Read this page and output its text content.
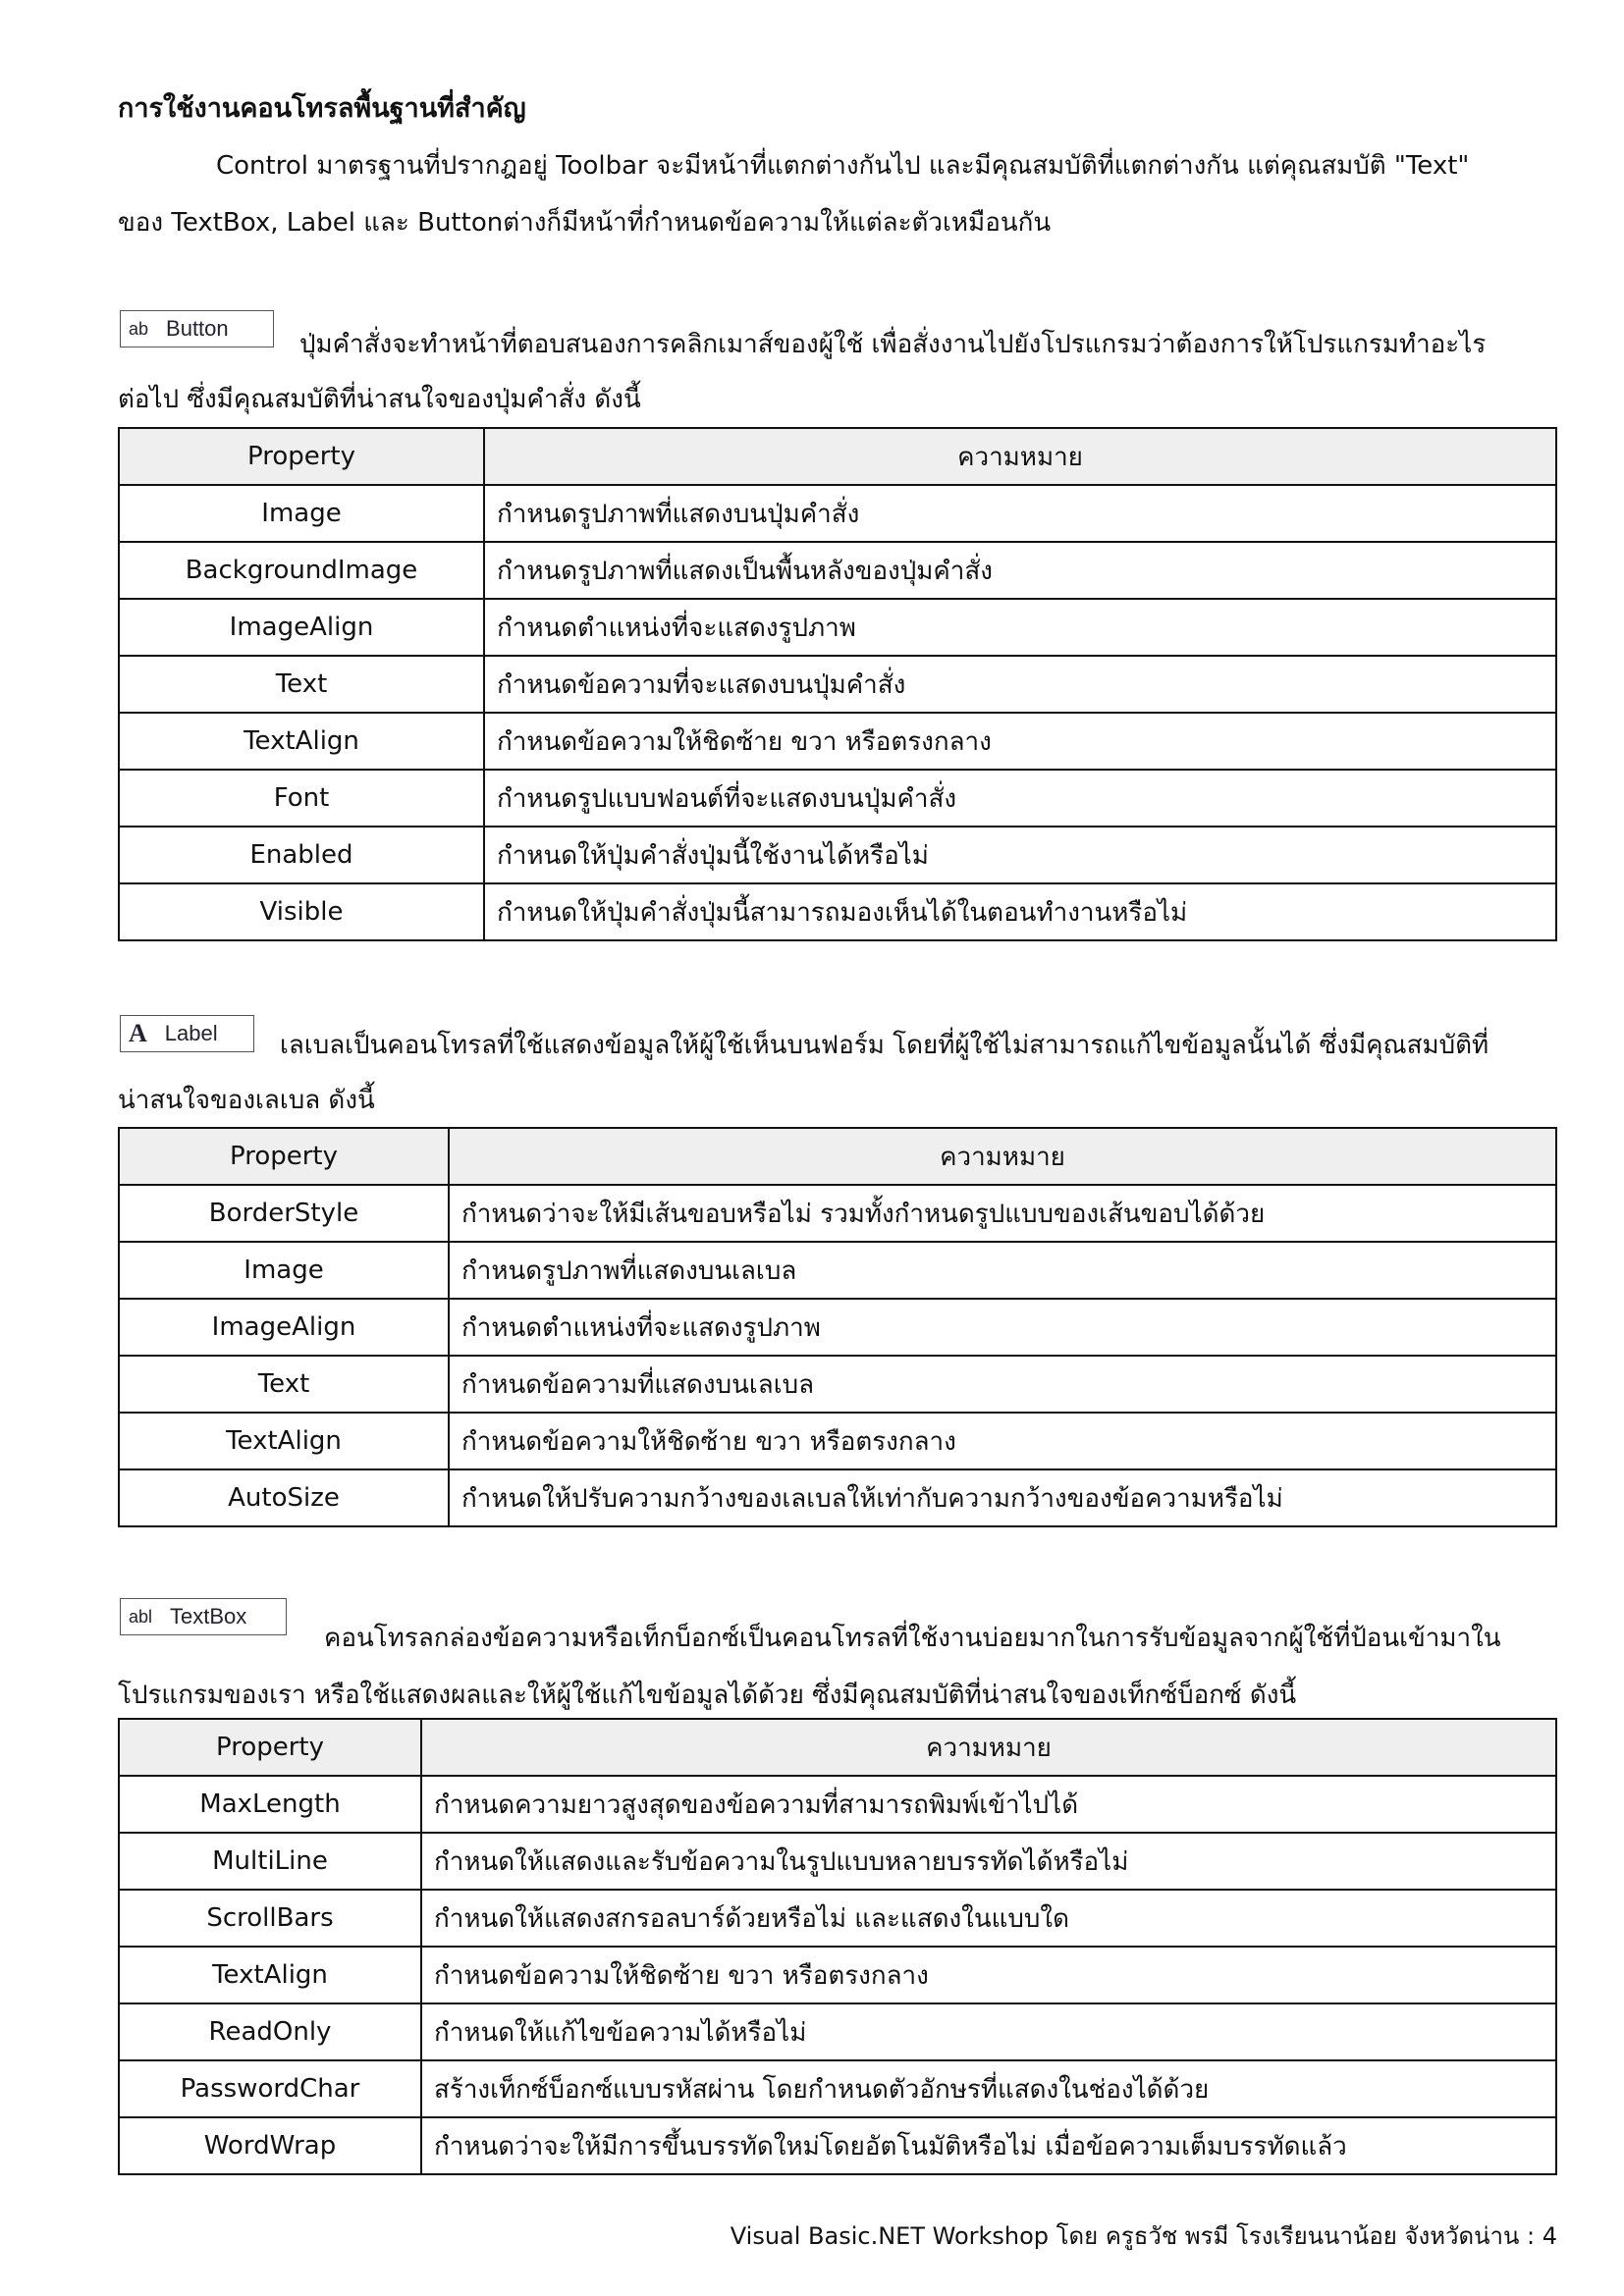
การใช้งานคอนโทรลพื้นฐานที่สำคัญ
Control มาตรฐานที่ปรากฎอยู่ Toolbar จะมีหน้าที่แตกต่างกันไป และมีคุณสมบัติที่แตกต่างกัน แต่คุณสมบัติ "Text"
ของ TextBox, Label และ Buttonต่างก็มีหน้าที่กำหนดข้อความให้แต่ละตัวเหมือนกัน
ab Button
ปุ่มคำสั่งจะทำหน้าที่ตอบสนองการคลิกเมาส์ของผู้ใช้ เพื่อสั่งงานไปยังโปรแกรมว่าต้องการให้โปรแกรมทำอะไร
ต่อไป ซึ่งมีคุณสมบัติที่น่าสนใจของปุ่มคำสั่ง ดังนี้
Property	ความหมาย
Image	กำหนดรูปภาพที่แสดงบนปุ่มคำสั่ง
BackgroundImage	กำหนดรูปภาพที่แสดงเป็นพื้นหลังของปุ่มคำสั่ง
ImageAlign	กำหนดตำแหน่งที่จะแสดงรูปภาพ
Text	กำหนดข้อความที่จะแสดงบนปุ่มคำสั่ง
TextAlign	กำหนดข้อความให้ชิดซ้าย ขวา หรือตรงกลาง
Font	กำหนดรูปแบบฟอนต์ที่จะแสดงบนปุ่มคำสั่ง
Enabled	กำหนดให้ปุ่มคำสั่งปุ่มนี้ใช้งานได้หรือไม่
Visible	กำหนดให้ปุ่มคำสั่งปุ่มนี้สามารถมองเห็นได้ในตอนทำงานหรือไม่
A Label เลเบลเป็นคอนโทรลที่ใช้แสดงข้อมูลให้ผู้ใช้เห็นบนฟอร์ม โดยที่ผู้ใช้ไม่สามารถแก้ไขข้อมูลนั้นได้ ซึ่งมีคุณสมบัติที่
น่าสนใจของเลเบล ดังนี้
Property	ความหมาย
BorderStyle	กำหนดว่าจะให้มีเส้นขอบหรือไม่ รวมทั้งกำหนดรูปแบบของเส้นขอบได้ด้วย
Image	กำหนดรูปภาพที่แสดงบนเลเบล
ImageAlign	กำหนดตำแหน่งที่จะแสดงรูปภาพ
Text	กำหนดข้อความที่แสดงบนเลเบล
TextAlign	กำหนดข้อความให้ชิดซ้าย ขวา หรือตรงกลาง
AutoSize	กำหนดให้ปรับความกว้างของเลเบลให้เท่ากับความกว้างของข้อความหรือไม่
abl TextBox
คอนโทรลกล่องข้อความหรือเท็กบ็อกซ์เป็นคอนโทรลที่ใช้งานบ่อยมากในการรับข้อมูลจากผู้ใช้ที่ป้อนเข้ามาใน
โปรแกรมของเรา หรือใช้แสดงผลและให้ผู้ใช้แก้ไขข้อมูลได้ด้วย ซึ่งมีคุณสมบัติที่น่าสนใจของเท็กซ์บ็อกซ์ ดังนี้
Property	ความหมาย
MaxLength	กำหนดความยาวสูงสุดของข้อความที่สามารถพิมพ์เข้าไปได้
MultiLine	กำหนดให้แสดงและรับข้อความในรูปแบบหลายบรรทัดได้หรือไม่
ScrollBars	กำหนดให้แสดงสกรอลบาร์ด้วยหรือไม่ และแสดงในแบบใด
TextAlign	กำหนดข้อความให้ชิดซ้าย ขวา หรือตรงกลาง
ReadOnly	กำหนดให้แก้ไขข้อความได้หรือไม่
PasswordChar	สร้างเท็กซ์บ็อกซ์แบบรหัสผ่าน โดยกำหนดตัวอักษรที่แสดงในช่องได้ด้วย
WordWrap	กำหนดว่าจะให้มีการขึ้นบรรทัดใหม่โดยอัตโนมัติหรือไม่ เมื่อข้อความเต็มบรรทัดแล้ว
Visual Basic.NET Workshop โดย ครูธวัช พรมี โรงเรียนนาน้อย จังหวัดน่าน : 4
